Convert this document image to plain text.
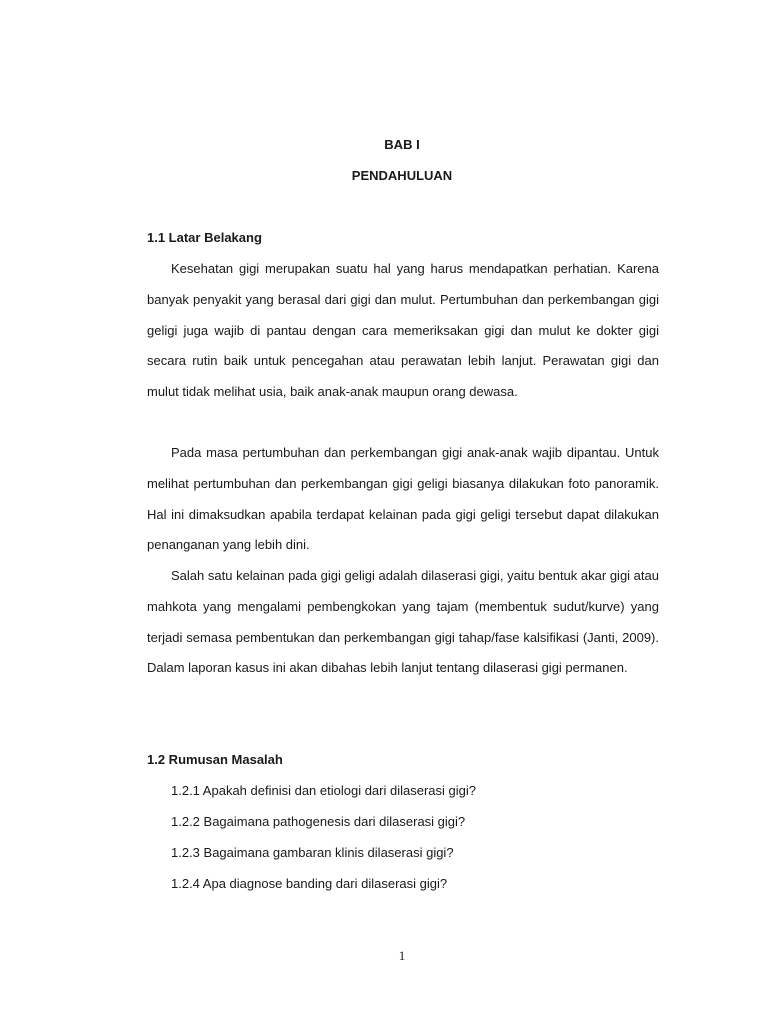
BAB I
PENDAHULUAN
1.1 Latar Belakang

Kesehatan gigi merupakan suatu hal yang harus mendapatkan perhatian. Karena banyak penyakit yang berasal dari gigi dan mulut. Pertumbuhan dan perkembangan gigi geligi juga wajib di pantau dengan cara memeriksakan gigi dan mulut ke dokter gigi secara rutin baik untuk pencegahan atau perawatan lebih lanjut. Perawatan gigi dan mulut tidak melihat usia, baik anak-anak maupun orang dewasa.

Pada masa pertumbuhan dan perkembangan gigi anak-anak wajib dipantau. Untuk melihat pertumbuhan dan perkembangan gigi geligi biasanya dilakukan foto panoramik. Hal ini dimaksudkan apabila terdapat kelainan pada gigi geligi tersebut dapat dilakukan penanganan yang lebih dini.

Salah satu kelainan pada gigi geligi adalah dilaserasi gigi, yaitu bentuk akar gigi atau mahkota yang mengalami pembengkokan yang tajam (membentuk sudut/kurve) yang terjadi semasa pembentukan dan perkembangan gigi tahap/fase kalsifikasi (Janti, 2009). Dalam laporan kasus ini akan dibahas lebih lanjut tentang dilaserasi gigi permanen.

1.2 Rumusan Masalah

1.2.1 Apakah definisi dan etiologi dari dilaserasi gigi?

1.2.2 Bagaimana pathogenesis dari dilaserasi gigi?

1.2.3 Bagaimana gambaran klinis dilaserasi gigi?

1.2.4 Apa diagnose banding dari dilaserasi gigi?

1
